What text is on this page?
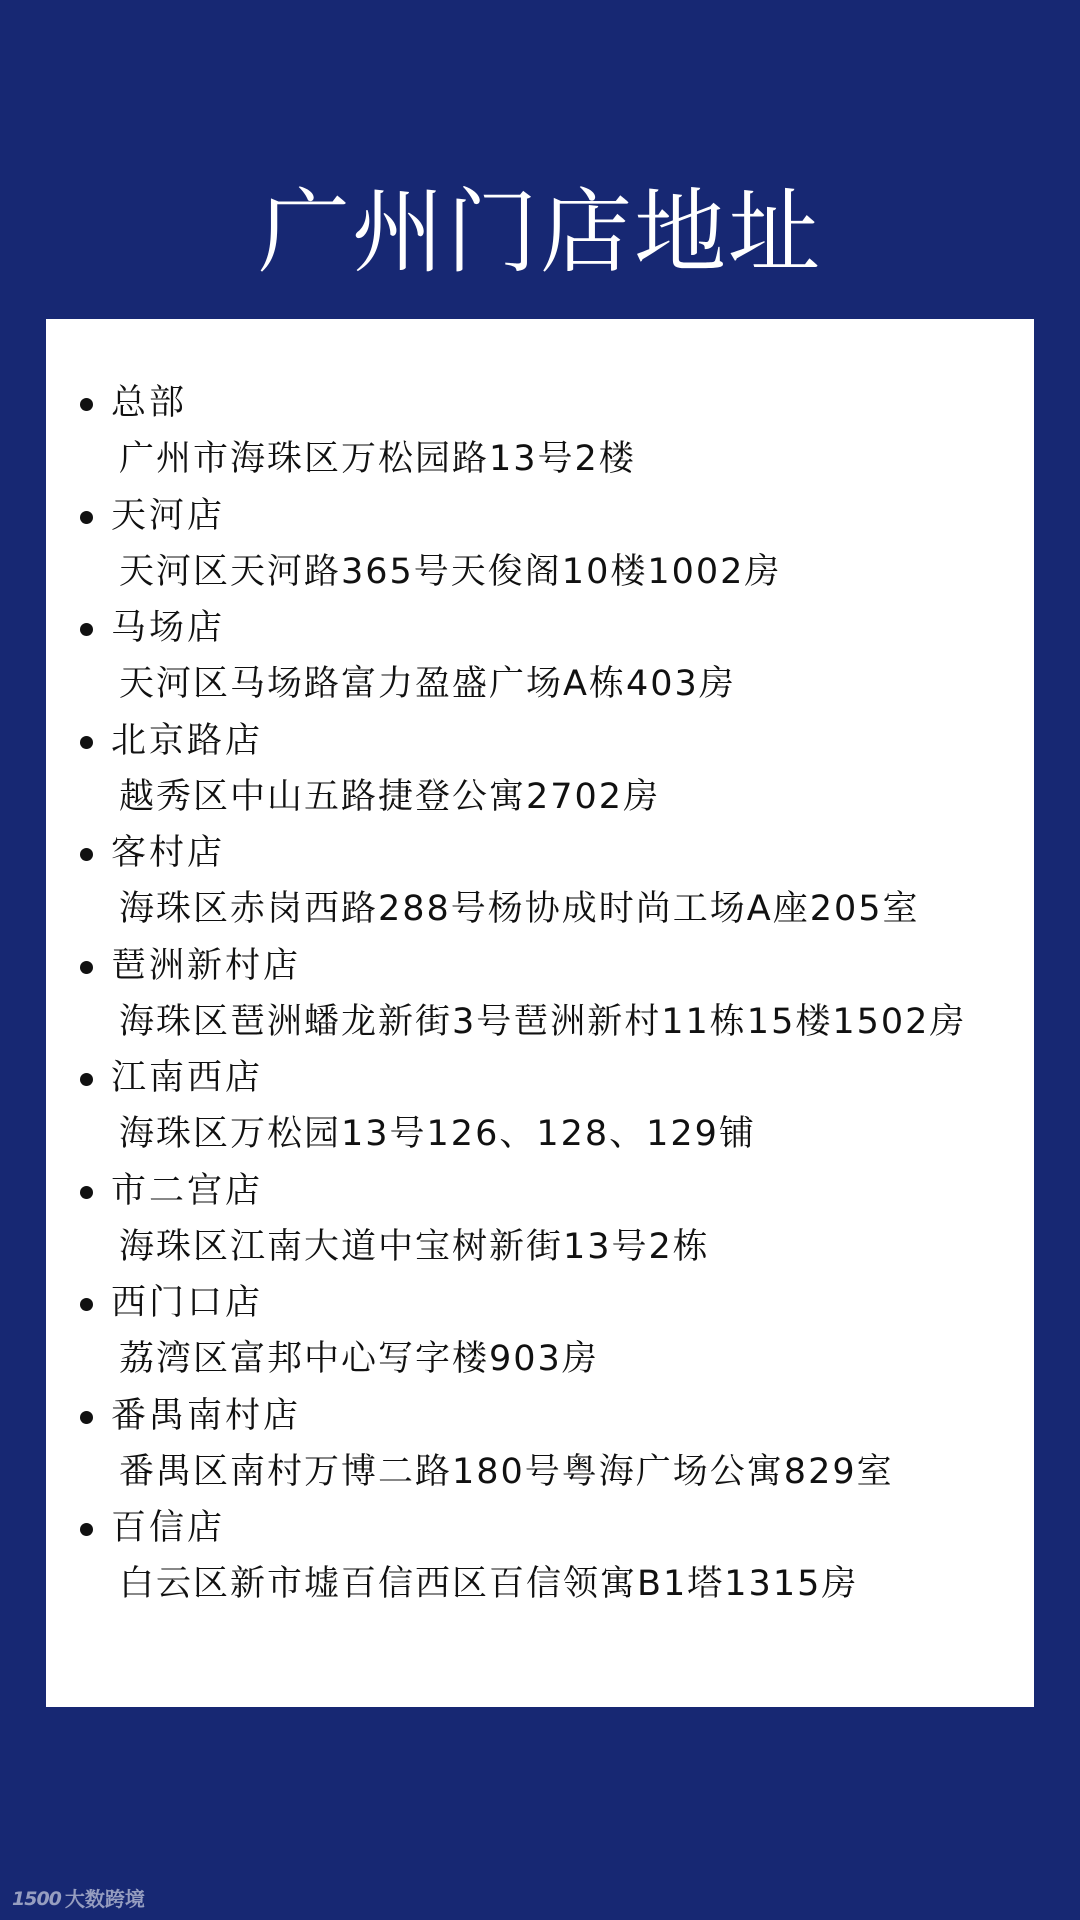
广州门店地址
总部
广州市海珠区万松园路13号2楼
天河店
天河区天河路365号天俊阁10楼1002房
马场店
天河区马场路富力盈盛广场A栋403房
北京路店
越秀区中山五路捷登公寓2702房
客村店
海珠区赤岗西路288号杨协成时尚工场A座205室
琶洲新村店
海珠区琶洲蟠龙新街3号琶洲新村11栋15楼1502房
江南西店
海珠区万松园13号126、128、129铺
市二宫店
海珠区江南大道中宝树新街13号2栋
西门口店
荔湾区富邦中心写字楼903房
番禺南村店
番禺区南村万博二路180号粤海广场公寓829室
百信店
白云区新市墟百信西区百信领寓B1塔1315房
1500 大数跨境
